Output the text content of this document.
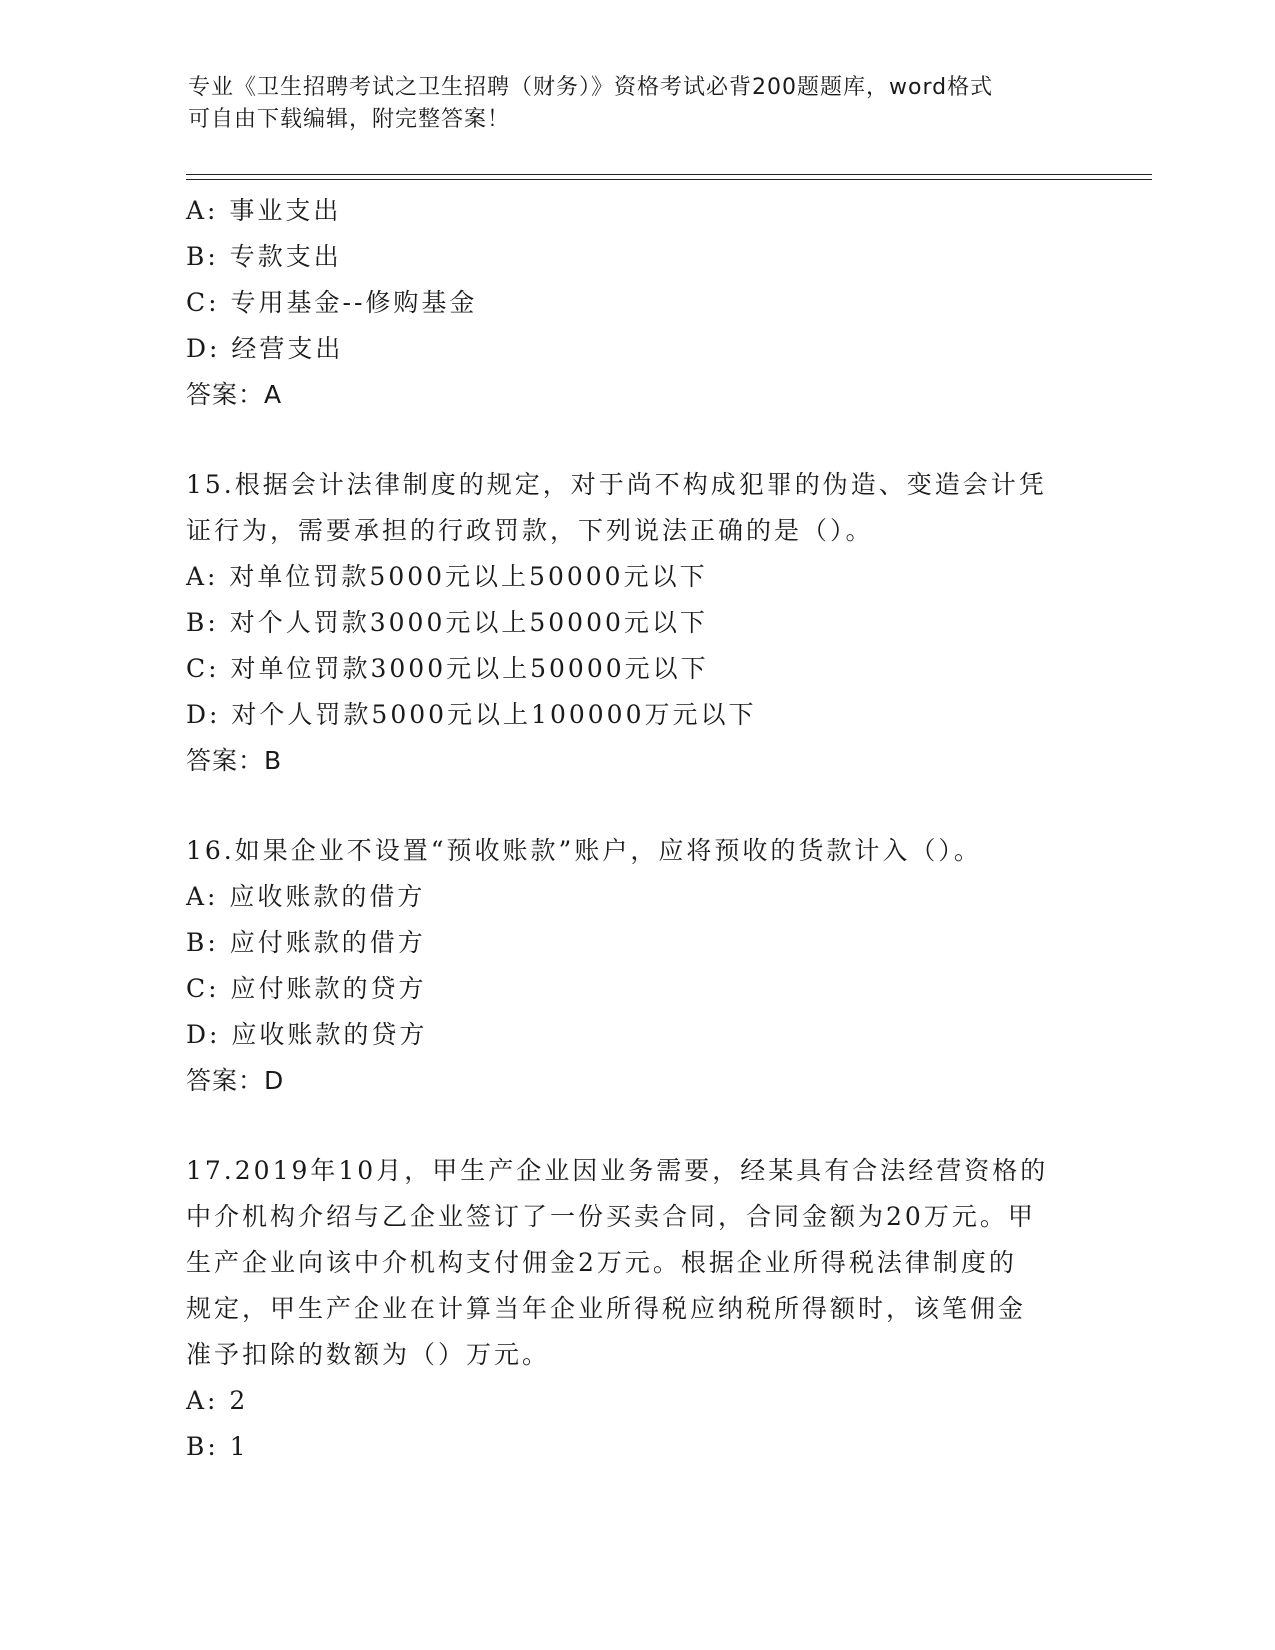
专业《卫生招聘考试之卫生招聘（财务）》资格考试必背200题题库，word格式
可自由下载编辑，附完整答案！
A: 事业支出
B: 专款支出
C: 专用基金--修购基金
D: 经营支出
答案：A
15.根据会计法律制度的规定，对于尚不构成犯罪的伪造、变造会计凭
证行为，需要承担的行政罚款，下列说法正确的是（）。
A: 对单位罚款5000元以上50000元以下
B: 对个人罚款3000元以上50000元以下
C: 对单位罚款3000元以上50000元以下
D: 对个人罚款5000元以上100000万元以下
答案：B
16.如果企业不设置“预收账款”账户，应将预收的货款计入（）。
A: 应收账款的借方
B: 应付账款的借方
C: 应付账款的贷方
D: 应收账款的贷方
答案：D
17.2019年10月，甲生产企业因业务需要，经某具有合法经营资格的
中介机构介绍与乙企业签订了一份买卖合同，合同金额为20万元。甲
生产企业向该中介机构支付佣金2万元。根据企业所得税法律制度的
规定，甲生产企业在计算当年企业所得税应纳税所得额时，该笔佣金
准予扣除的数额为（）万元。
A: 2
B: 1
